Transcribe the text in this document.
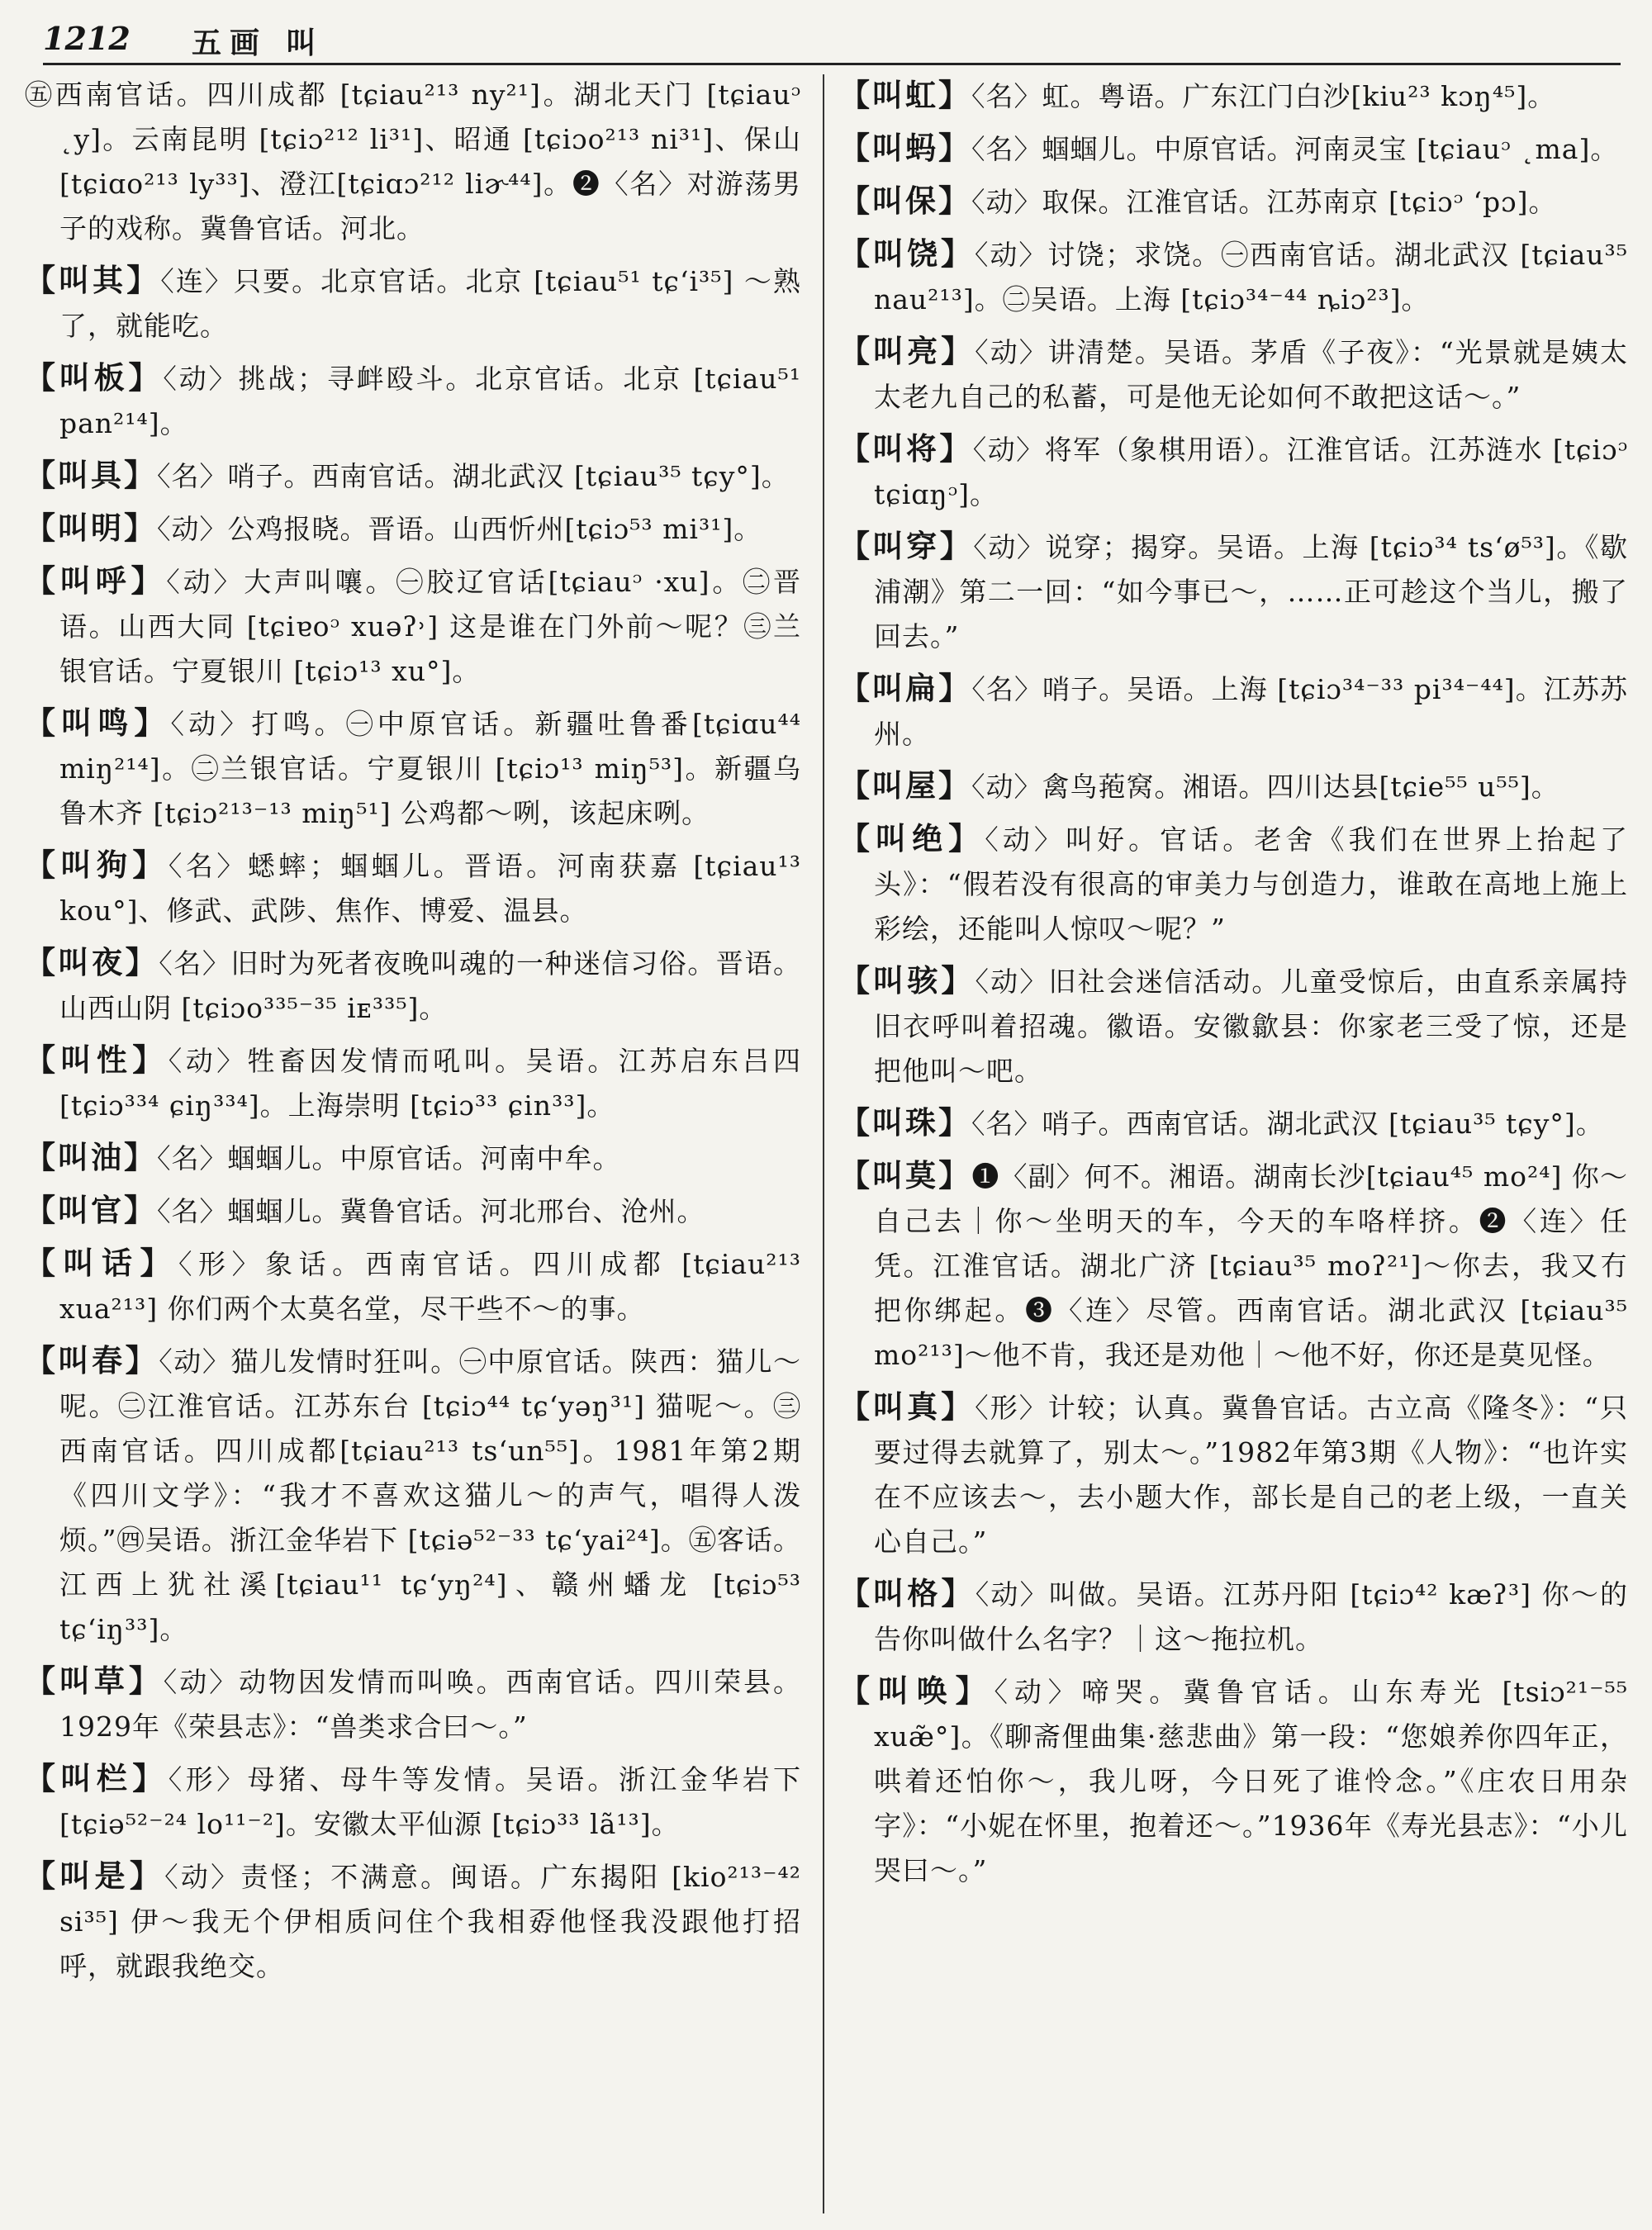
1212 五画 叫

㊄西南官话。四川成都 [tɕiau²¹³ ny²¹]。湖北天门 [tɕiauᵓ ˛y]。云南昆明 [tɕiɔ²¹² li³¹]、昭通 [tɕiɔo²¹³ ni³¹]、保山[tɕiɑo²¹³ ly³³]、澄江[tɕiɑɔ²¹² liɚ⁴⁴]。❷〈名〉对游荡男子的戏称。冀鲁官话。河北。

【叫其】〈连〉只要。北京官话。北京 [tɕiau⁵¹ tɕʻi³⁵] ～熟了，就能吃。

【叫板】〈动〉挑战；寻衅殴斗。北京官话。北京 [tɕiau⁵¹ pan²¹⁴]。

【叫具】〈名〉哨子。西南官话。湖北武汉 [tɕiau³⁵ tɕy°]。

【叫明】〈动〉公鸡报晓。晋语。山西忻州[tɕiɔ⁵³ mi³¹]。

【叫呼】〈动〉大声叫嚷。㊀胶辽官话[tɕiauᵓ ·xu]。㊁晋语。山西大同 [tɕiɐoᵓ xuəʔ˒] 这是谁在门外前～呢？㊂兰银官话。宁夏银川 [tɕiɔ¹³ xu°]。

【叫鸣】〈动〉打鸣。㊀中原官话。新疆吐鲁番[tɕiɑu⁴⁴ miŋ²¹⁴]。㊁兰银官话。宁夏银川 [tɕiɔ¹³ miŋ⁵³]。新疆乌鲁木齐 [tɕiɔ²¹³⁻¹³ miŋ⁵¹] 公鸡都～咧，该起床咧。

【叫狗】〈名〉蟋蟀；蝈蝈儿。晋语。河南获嘉 [tɕiau¹³ kou°]、修武、武陟、焦作、博爱、温县。

【叫夜】〈名〉旧时为死者夜晚叫魂的一种迷信习俗。晋语。山西山阴 [tɕiɔo³³⁵⁻³⁵ iᴇ³³⁵]。

【叫性】〈动〉牲畜因发情而吼叫。吴语。江苏启东吕四 [tɕiɔ³³⁴ ɕiŋ³³⁴]。上海崇明 [tɕiɔ³³ ɕin³³]。

【叫油】〈名〉蝈蝈儿。中原官话。河南中牟。

【叫官】〈名〉蝈蝈儿。冀鲁官话。河北邢台、沧州。

【叫话】〈形〉象话。西南官话。四川成都 [tɕiau²¹³ xua²¹³] 你们两个太莫名堂，尽干些不～的事。

【叫春】〈动〉猫儿发情时狂叫。㊀中原官话。陕西：猫儿～呢。㊁江淮官话。江苏东台 [tɕiɔ⁴⁴ tɕʻyəŋ³¹] 猫呢～。㊂西南官话。四川成都[tɕiau²¹³ tsʻun⁵⁵]。1981年第2期《四川文学》：“我才不喜欢这猫儿～的声气，唱得人泼烦。”㊃吴语。浙江金华岩下 [tɕiə⁵²⁻³³ tɕʻyai²⁴]。㊄客话。江西上犹社溪[tɕiau¹¹ tɕʻyŋ²⁴]、赣州蟠龙 [tɕiɔ⁵³ tɕʻiŋ³³]。

【叫草】〈动〉动物因发情而叫唤。西南官话。四川荣县。1929年《荣县志》：“兽类求合曰～。”

【叫栏】〈形〉母猪、母牛等发情。吴语。浙江金华岩下 [tɕiə⁵²⁻²⁴ lo¹¹⁻²]。安徽太平仙源 [tɕiɔ³³ lã¹³]。

【叫是】〈动〉责怪；不满意。闽语。广东揭阳 [kio²¹³⁻⁴² si³⁵] 伊～我无个伊相质问住个我相孬他怪我没跟他打招呼，就跟我绝交。

【叫虹】〈名〉虹。粤语。广东江门白沙[kiu²³ kɔŋ⁴⁵]。

【叫蚂】〈名〉蝈蝈儿。中原官话。河南灵宝 [tɕiauᵓ ˛ma]。

【叫保】〈动〉取保。江淮官话。江苏南京 [tɕiɔᵓ ʻpɔ]。

【叫饶】〈动〉讨饶；求饶。㊀西南官话。湖北武汉 [tɕiau³⁵ nau²¹³]。㊁吴语。上海 [tɕiɔ³⁴⁻⁴⁴ ȵiɔ²³]。

【叫亮】〈动〉讲清楚。吴语。茅盾《子夜》：“光景就是姨太太老九自己的私蓄，可是他无论如何不敢把这话～。”

【叫将】〈动〉将军（象棋用语）。江淮官话。江苏涟水 [tɕiɔᵓ tɕiɑŋᵓ]。

【叫穿】〈动〉说穿；揭穿。吴语。上海 [tɕiɔ³⁴ tsʻø⁵³]。《歇浦潮》第二一回：“如今事已～，……正可趁这个当儿，搬了回去。”

【叫扁】〈名〉哨子。吴语。上海 [tɕiɔ³⁴⁻³³ pi³⁴⁻⁴⁴]。江苏苏州。

【叫屋】〈动〉禽鸟菢窝。湘语。四川达县[tɕie⁵⁵ u⁵⁵]。

【叫绝】〈动〉叫好。官话。老舍《我们在世界上抬起了头》：“假若没有很高的审美力与创造力，谁敢在高地上施上彩绘，还能叫人惊叹～呢？”

【叫骇】〈动〉旧社会迷信活动。儿童受惊后，由直系亲属持旧衣呼叫着招魂。徽语。安徽歙县：你家老三受了惊，还是把他叫～吧。

【叫珠】〈名〉哨子。西南官话。湖北武汉 [tɕiau³⁵ tɕy°]。

【叫莫】❶〈副〉何不。湘语。湖南长沙[tɕiau⁴⁵ mo²⁴] 你～自己去｜你～坐明天的车，今天的车咯样挤。❷〈连〉任凭。江淮官话。湖北广济 [tɕiau³⁵ moʔ²¹]～你去，我又冇把你绑起。❸〈连〉尽管。西南官话。湖北武汉 [tɕiau³⁵ mo²¹³]～他不肯，我还是劝他｜～他不好，你还是莫见怪。

【叫真】〈形〉计较；认真。冀鲁官话。古立高《隆冬》：“只要过得去就算了，别太～。”1982年第3期《人物》：“也许实在不应该去～，去小题大作，部长是自己的老上级，一直关心自己。”

【叫格】〈动〉叫做。吴语。江苏丹阳 [tɕiɔ⁴² kæʔ³] 你～的告你叫做什么名字？｜这～拖拉机。

【叫唤】〈动〉啼哭。冀鲁官话。山东寿光 [tsiɔ²¹⁻⁵⁵ xuæ̃°]。《聊斋俚曲集·慈悲曲》第一段：“您娘养你四年正，哄着还怕你～，我儿呀，今日死了谁怜念。”《庄农日用杂字》：“小妮在怀里，抱着还～。”1936年《寿光县志》：“小儿哭曰～。”
